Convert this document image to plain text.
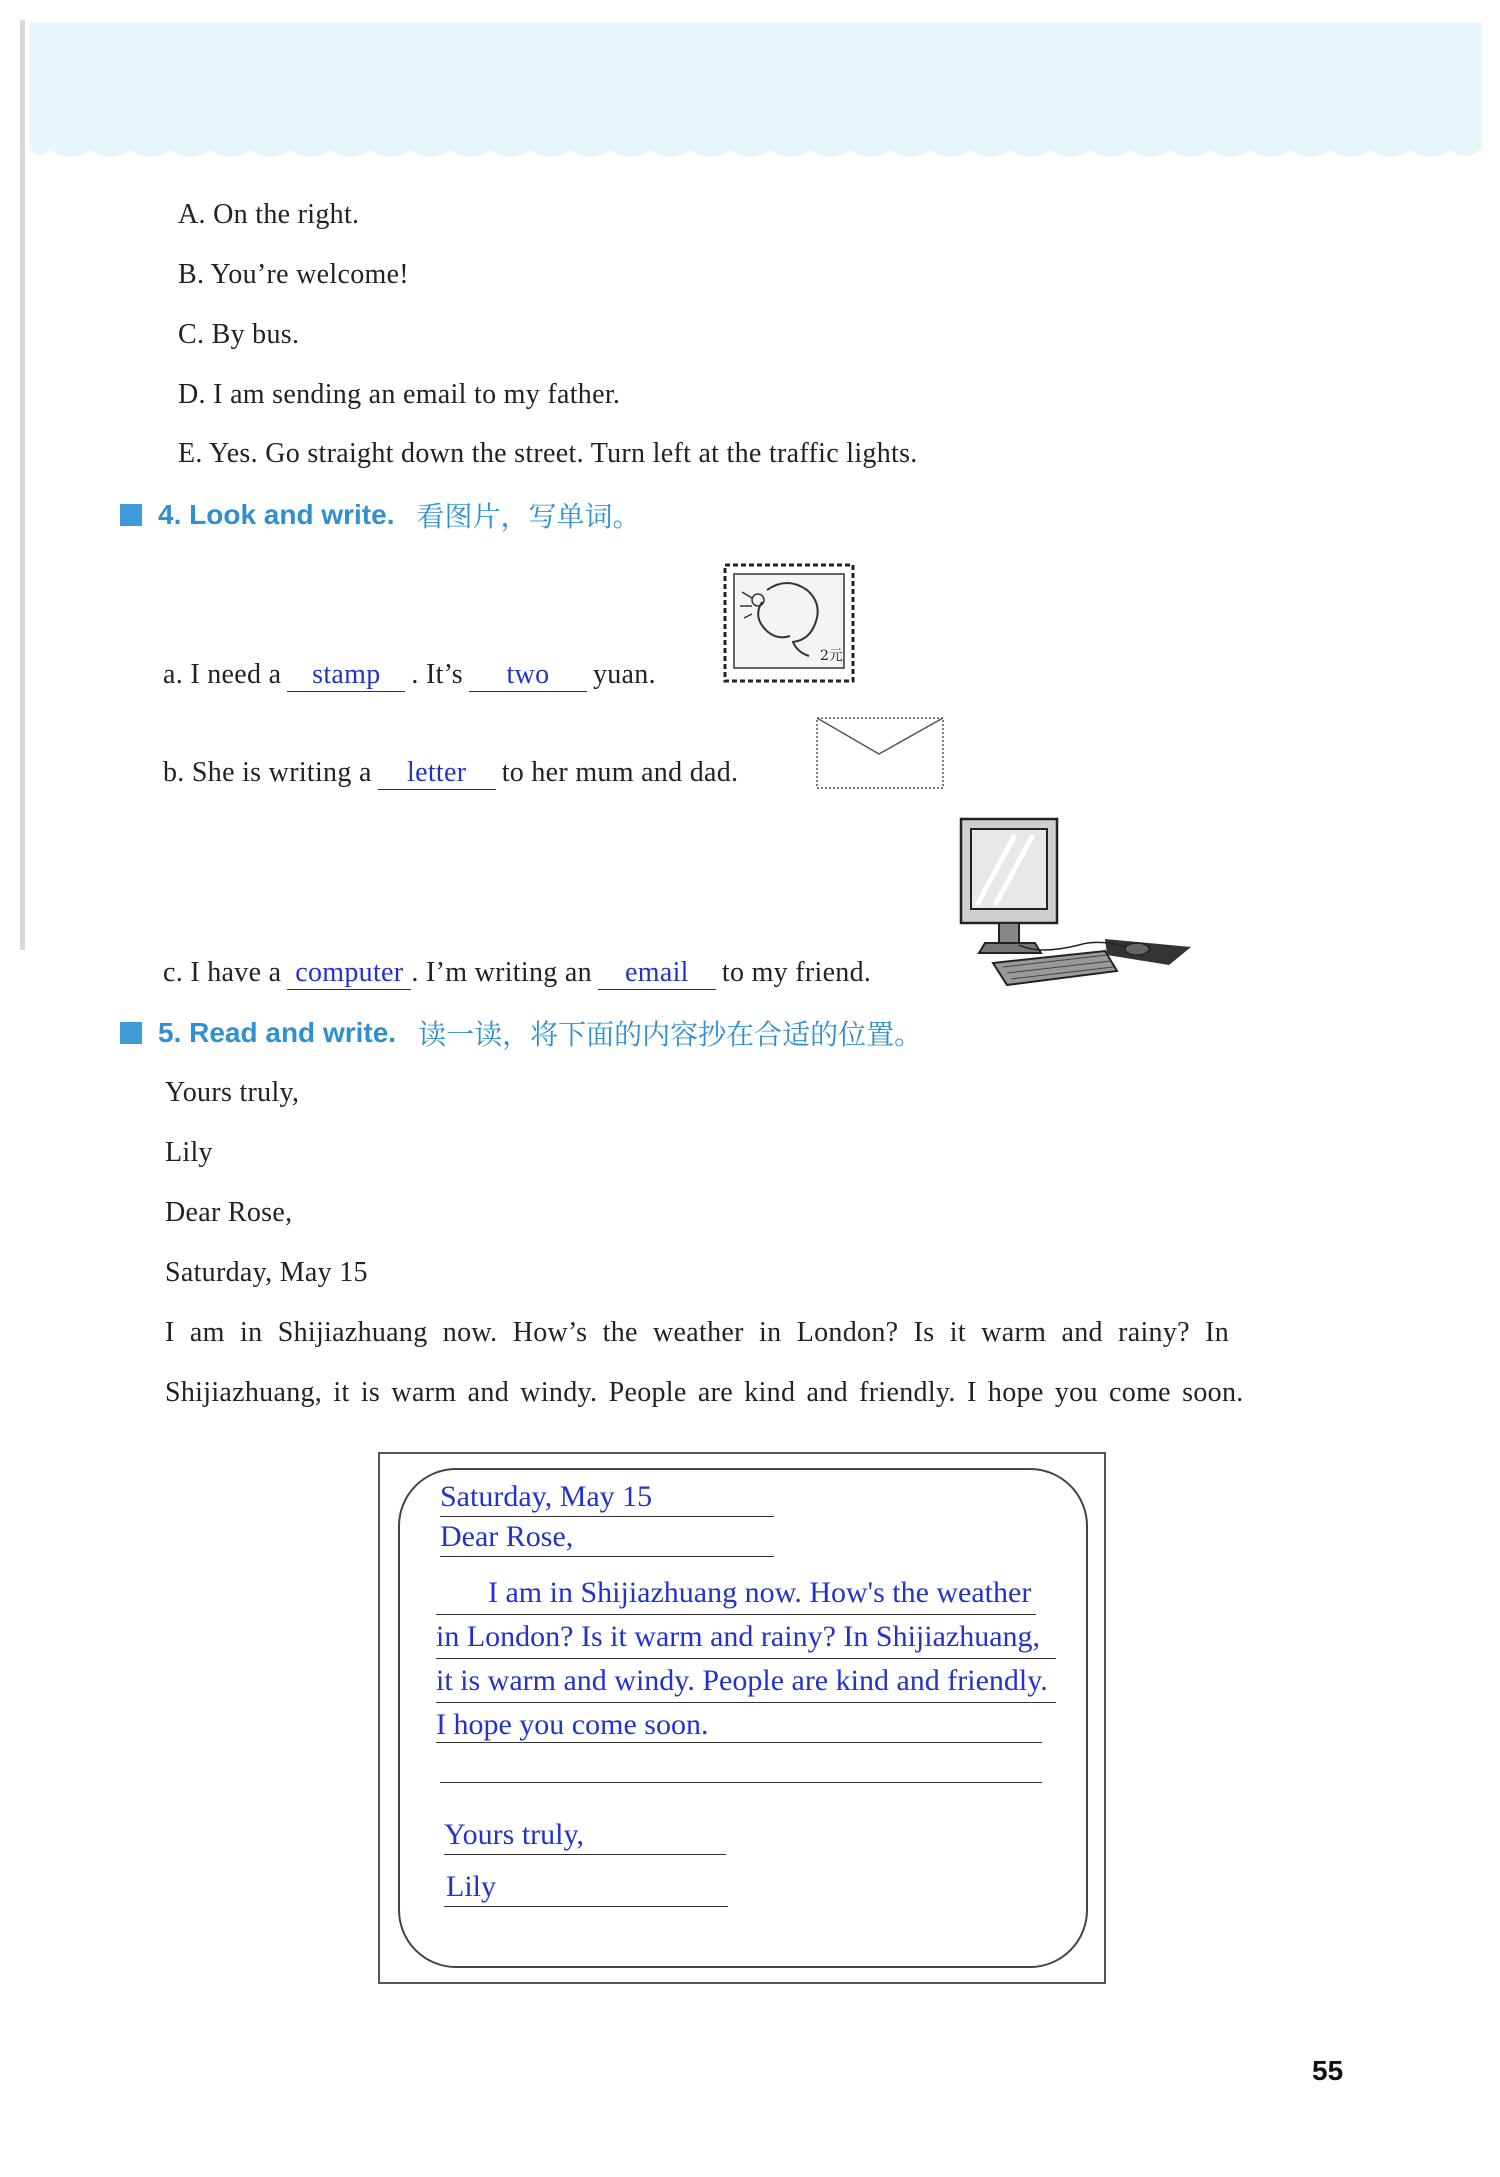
A. On the right.
B. You’re welcome!
C. By bus.
D. I am sending an email to my father.
E. Yes. Go straight down the street. Turn left at the traffic lights.
4. Look and write. 看图片，写单词。
2元
a. I need a stamp . It’s two yuan.
b. She is writing a letter to her mum and dad.
c. I have a computer . I’m writing an email to my friend.
5. Read and write. 读一读，将下面的内容抄在合适的位置。
Yours truly,
Lily
Dear Rose,
Saturday, May 15
I am in Shijiazhuang now. How’s the weather in London? Is it warm and rainy? In
Shijiazhuang, it is warm and windy. People are kind and friendly. I hope you come soon.
Saturday, May 15
Dear Rose,
I am in Shijiazhuang now. How's the weather
in London? Is it warm and rainy? In Shijiazhuang,
it is warm and windy. People are kind and friendly.
I hope you come soon.
Yours truly,
Lily
55
